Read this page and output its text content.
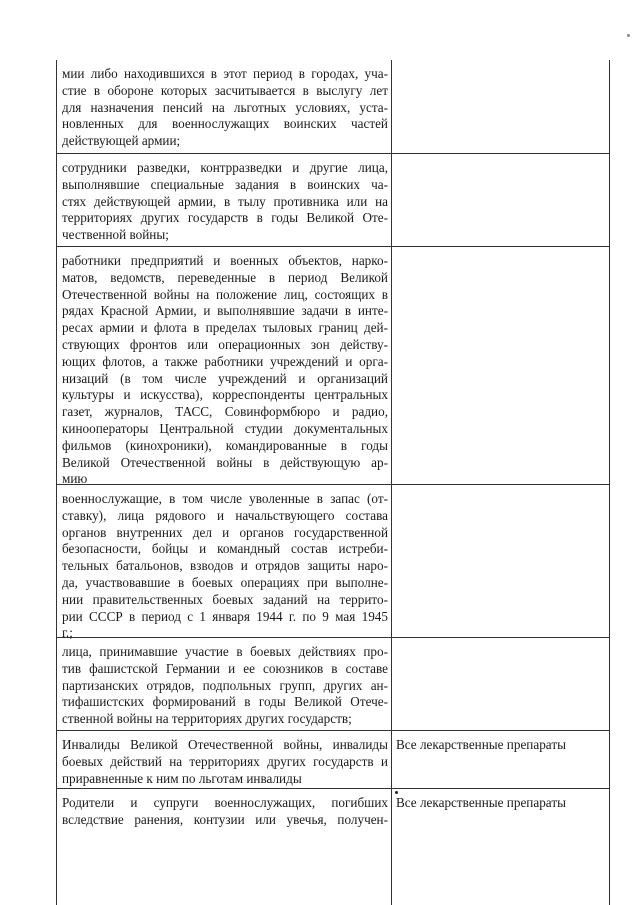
мии либо находившихся в этот период в городах, уча-
стие в обороне которых засчитывается в выслугу лет
для назначения пенсий на льготных условиях, уста-
новленных для военнослужащих воинских частей
действующей армии;
сотрудники разведки, контрразведки и другие лица,
выполнявшие специальные задания в воинских ча-
стях действующей армии, в тылу противника или на
территориях других государств в годы Великой Оте-
чественной войны;
работники предприятий и военных объектов, нарко-
матов, ведомств, переведенные в период Великой
Отечественной войны на положение лиц, состоящих в
рядах Красной Армии, и выполнявшие задачи в инте-
ресах армии и флота в пределах тыловых границ дей-
ствующих фронтов или операционных зон действу-
ющих флотов, а также работники учреждений и орга-
низаций (в том числе учреждений и организаций
культуры и искусства), корреспонденты центральных
газет, журналов, ТАСС, Совинформбюро и радио,
кинооператоры Центральной студии документальных
фильмов (кинохроники), командированные в годы
Великой Отечественной войны в действующую ар-
мию
военнослужащие, в том числе уволенные в запас (от-
ставку), лица рядового и начальствующего состава
органов внутренних дел и органов государственной
безопасности, бойцы и командный состав истреби-
тельных батальонов, взводов и отрядов защиты наро-
да, участвовавшие в боевых операциях при выполне-
нии правительственных боевых заданий на террито-
рии СССР в период с 1 января 1944 г. по 9 мая 1945
г.;
лица, принимавшие участие в боевых действиях про-
тив фашистской Германии и ее союзников в составе
партизанских отрядов, подпольных групп, других ан-
тифашистских формирований в годы Великой Отече-
ственной войны на территориях других государств;
Инвалиды Великой Отечественной войны, инвалиды
боевых действий на территориях других государств и
приравненные к ним по льготам инвалиды
Все лекарственные препараты
Родители и супруги военнослужащих, погибших
вследствие ранения, контузии или увечья, получен-
Все лекарственные препараты
